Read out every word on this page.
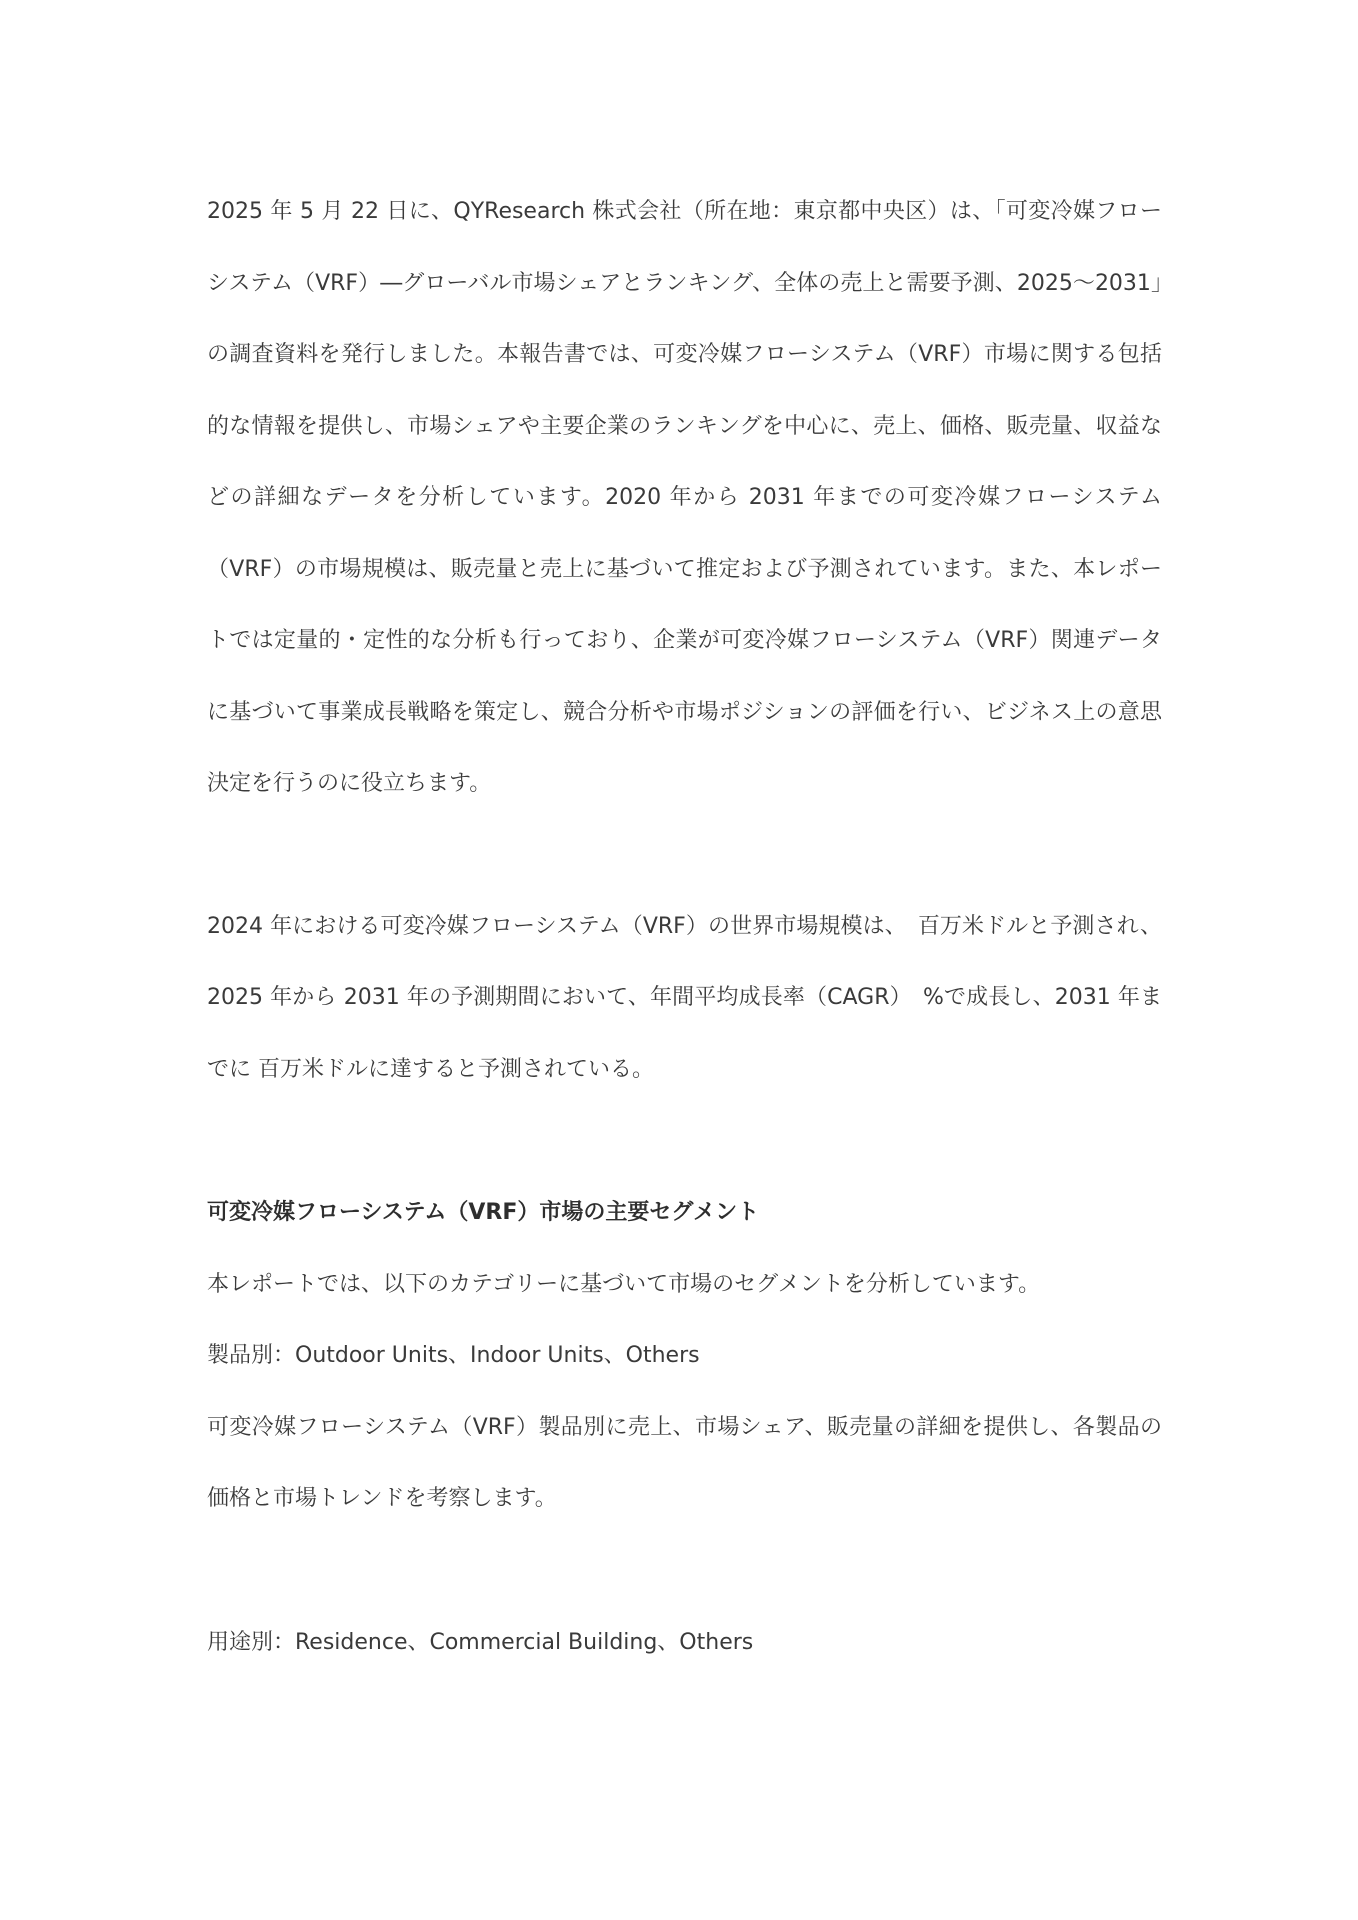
2025 年 5 月 22 日に、QYResearch 株式会社（所在地：東京都中央区）は、「可変冷媒フローシステム（VRF）―グローバル市場シェアとランキング、全体の売上と需要予測、2025～2031」の調査資料を発行しました。本報告書では、可変冷媒フローシステム（VRF）市場に関する包括的な情報を提供し、市場シェアや主要企業のランキングを中心に、売上、価格、販売量、収益などの詳細なデータを分析しています。2020 年から 2031 年までの可変冷媒フローシステム（VRF）の市場規模は、販売量と売上に基づいて推定および予測されています。また、本レポートでは定量的・定性的な分析も行っており、企業が可変冷媒フローシステム（VRF）関連データに基づいて事業成長戦略を策定し、競合分析や市場ポジションの評価を行い、ビジネス上の意思決定を行うのに役立ちます。

2024 年における可変冷媒フローシステム（VRF）の世界市場規模は、　百万米ドルと予測され、2025 年から 2031 年の予測期間において、年間平均成長率（CAGR）　%で成長し、2031 年までに 百万米ドルに達すると予測されている。

可変冷媒フローシステム（VRF）市場の主要セグメント

本レポートでは、以下のカテゴリーに基づいて市場のセグメントを分析しています。

製品別：Outdoor Units、Indoor Units、Others

可変冷媒フローシステム（VRF）製品別に売上、市場シェア、販売量の詳細を提供し、各製品の価格と市場トレンドを考察します。

用途別：Residence、Commercial Building、Others
